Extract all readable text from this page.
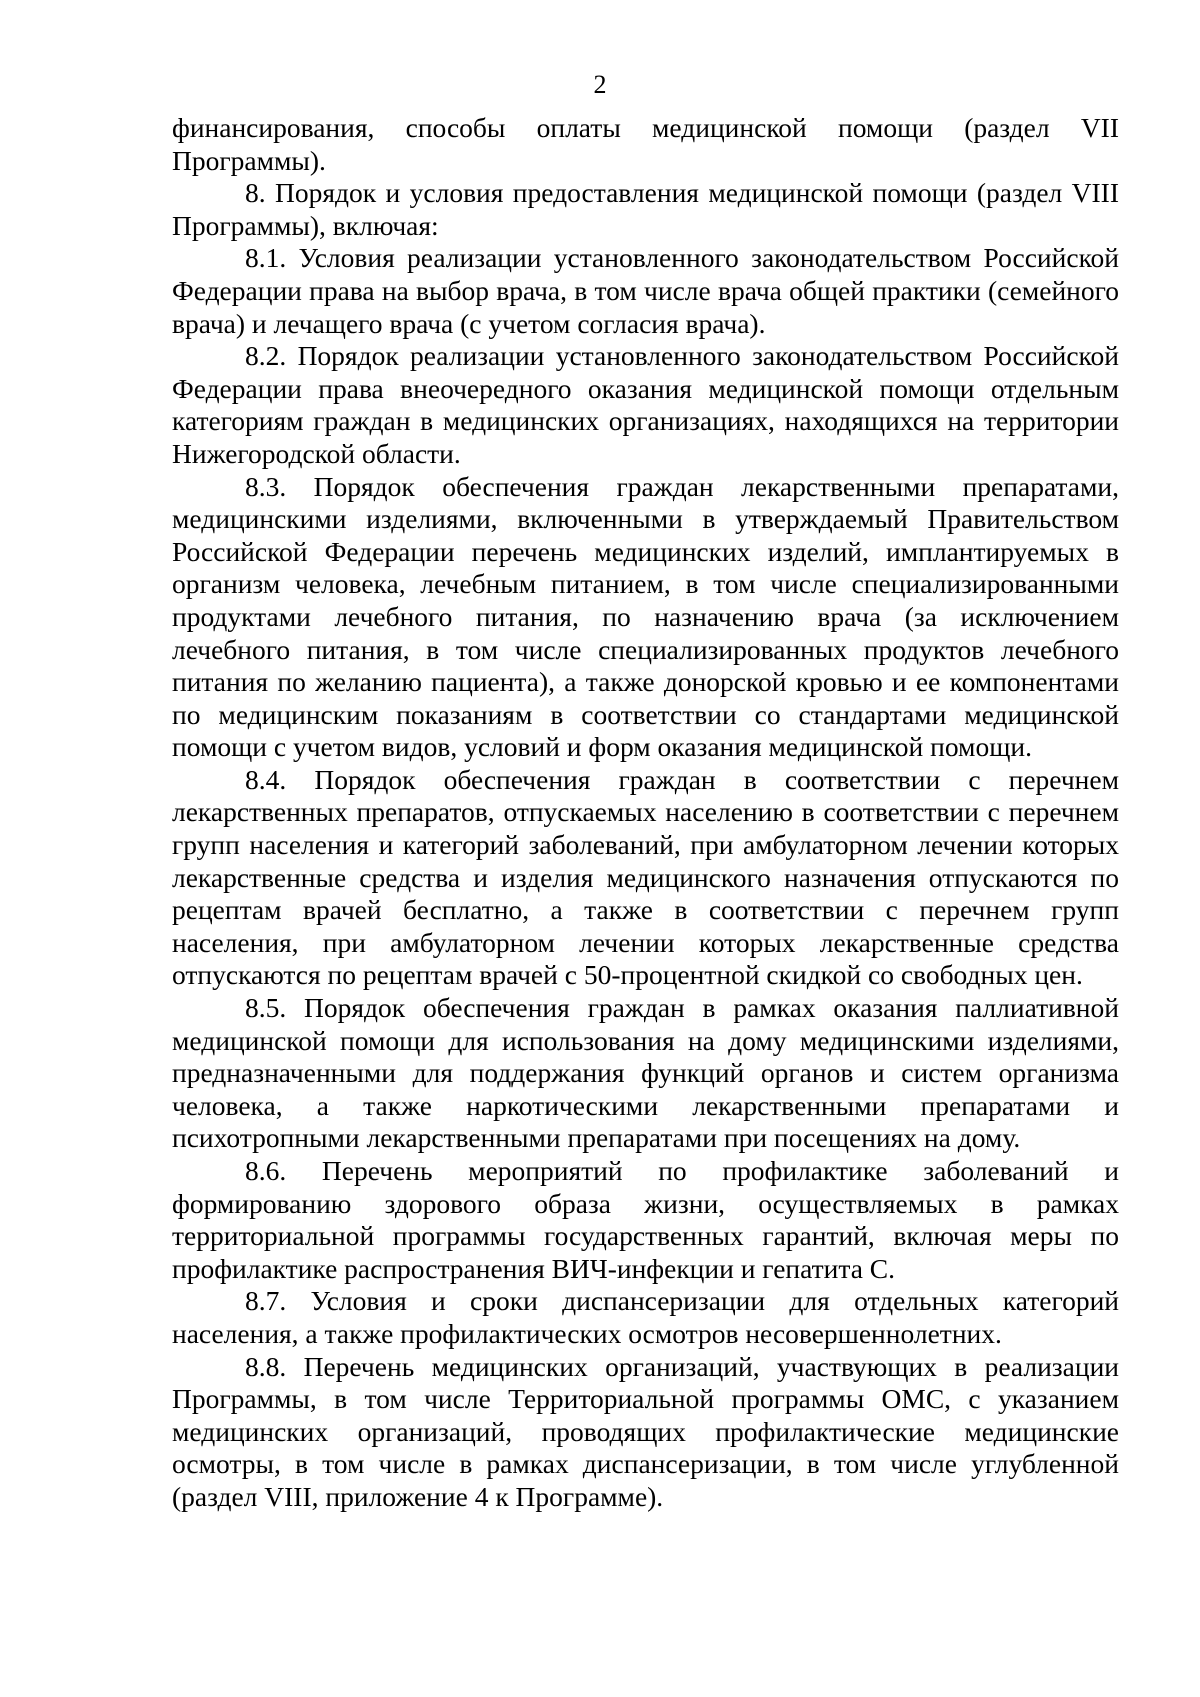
2

финансирования, способы оплаты медицинской помощи (раздел VII Программы).

8. Порядок и условия предоставления медицинской помощи (раздел VIII Программы), включая:

8.1. Условия реализации установленного законодательством Российской Федерации права на выбор врача, в том числе врача общей практики (семейного врача) и лечащего врача (с учетом согласия врача).

8.2. Порядок реализации установленного законодательством Российской Федерации права внеочередного оказания медицинской помощи отдельным категориям граждан в медицинских организациях, находящихся на территории Нижегородской области.

8.3. Порядок обеспечения граждан лекарственными препаратами, медицинскими изделиями, включенными в утверждаемый Правительством Российской Федерации перечень медицинских изделий, имплантируемых в организм человека, лечебным питанием, в том числе специализированными продуктами лечебного питания, по назначению врача (за исключением лечебного питания, в том числе специализированных продуктов лечебного питания по желанию пациента), а также донорской кровью и ее компонентами по медицинским показаниям в соответствии со стандартами медицинской помощи с учетом видов, условий и форм оказания медицинской помощи.

8.4. Порядок обеспечения граждан в соответствии с перечнем лекарственных препаратов, отпускаемых населению в соответствии с перечнем групп населения и категорий заболеваний, при амбулаторном лечении которых лекарственные средства и изделия медицинского назначения отпускаются по рецептам врачей бесплатно, а также в соответствии с перечнем групп населения, при амбулаторном лечении которых лекарственные средства отпускаются по рецептам врачей с 50-процентной скидкой со свободных цен.

8.5. Порядок обеспечения граждан в рамках оказания паллиативной медицинской помощи для использования на дому медицинскими изделиями, предназначенными для поддержания функций органов и систем организма человека, а также наркотическими лекарственными препаратами и психотропными лекарственными препаратами при посещениях на дому.

8.6. Перечень мероприятий по профилактике заболеваний и формированию здорового образа жизни, осуществляемых в рамках территориальной программы государственных гарантий, включая меры по профилактике распространения ВИЧ-инфекции и гепатита С.

8.7. Условия и сроки диспансеризации для отдельных категорий населения, а также профилактических осмотров несовершеннолетних.

8.8. Перечень медицинских организаций, участвующих в реализации Программы, в том числе Территориальной программы ОМС, с указанием медицинских организаций, проводящих профилактические медицинские осмотры, в том числе в рамках диспансеризации, в том числе углубленной (раздел VIII, приложение 4 к Программе).
